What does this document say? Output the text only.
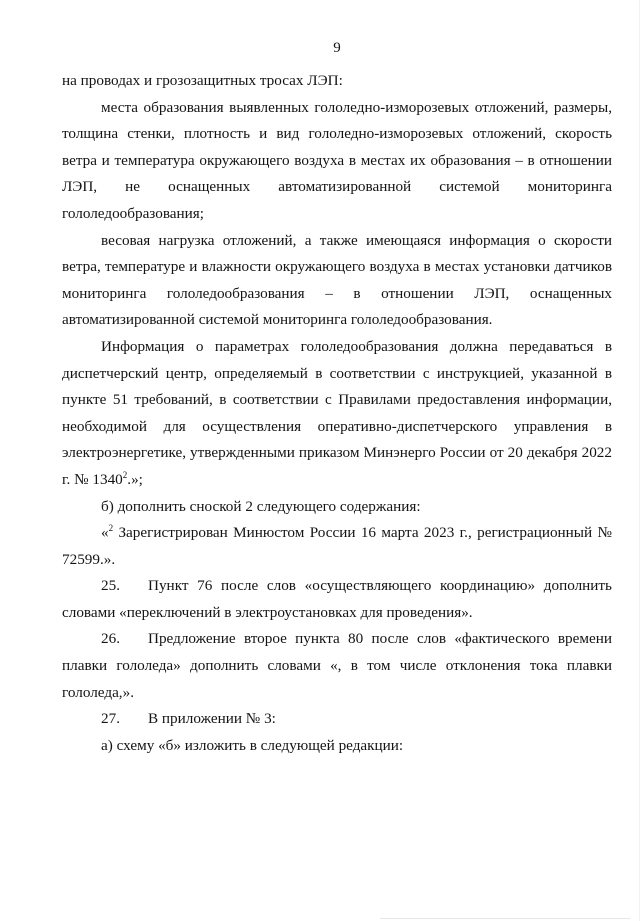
9

на проводах и грозозащитных тросах ЛЭП:

места образования выявленных гололедно-изморозевых отложений, размеры, толщина стенки, плотность и вид гололедно-изморозевых отложений, скорость ветра и температура окружающего воздуха в местах их образования – в отношении ЛЭП, не оснащенных автоматизированной системой мониторинга гололедообразования;

весовая нагрузка отложений, а также имеющаяся информация о скорости ветра, температуре и влажности окружающего воздуха в местах установки датчиков мониторинга гололедообразования – в отношении ЛЭП, оснащенных автоматизированной системой мониторинга гололедообразования.

Информация о параметрах гололедообразования должна передаваться в диспетчерский центр, определяемый в соответствии с инструкцией, указанной в пункте 51 требований, в соответствии с Правилами предоставления информации, необходимой для осуществления оперативно-диспетчерского управления в электроэнергетике, утвержденными приказом Минэнерго России от 20 декабря 2022 г. № 1340$^2$.»;

б) дополнить сноской 2 следующего содержания:

«$^2$ Зарегистрирован Минюстом России 16 марта 2023 г., регистрационный № 72599.».

25. Пункт 76 после слов «осуществляющего координацию» дополнить словами «переключений в электроустановках для проведения».

26. Предложение второе пункта 80 после слов «фактического времени плавки гололеда» дополнить словами «, в том числе отклонения тока плавки гололеда,».

27. В приложении № 3:

а) схему «б» изложить в следующей редакции:
